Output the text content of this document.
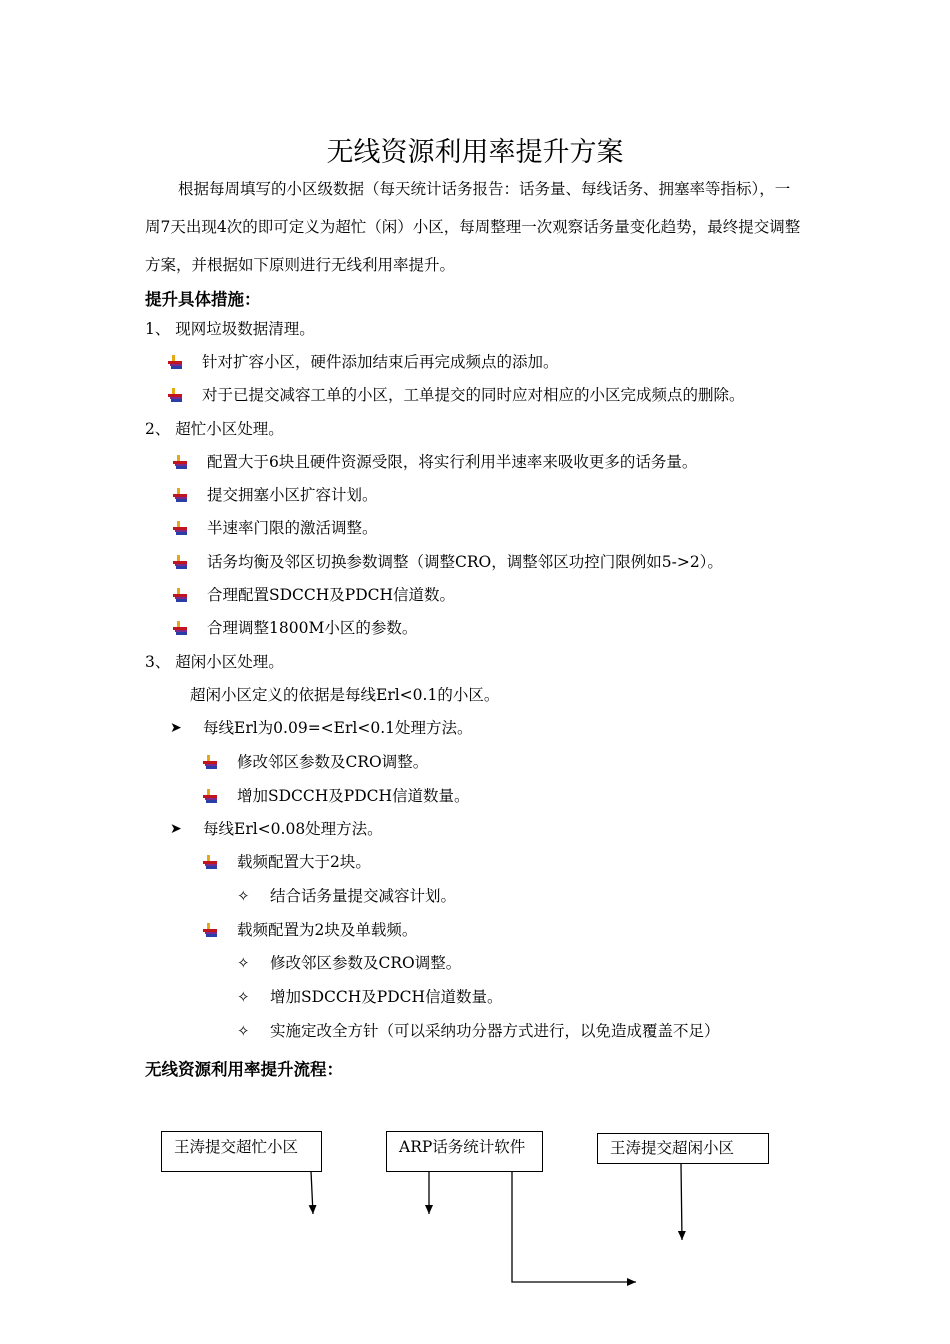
无线资源利用率提升方案
根据每周填写的小区级数据（每天统计话务报告：话务量、每线话务、拥塞率等指标），一周7天出现4次的即可定义为超忙（闲）小区，每周整理一次观察话务量变化趋势，最终提交调整方案，并根据如下原则进行无线利用率提升。
提升具体措施：
1、 现网垃圾数据清理。
针对扩容小区，硬件添加结束后再完成频点的添加。
对于已提交减容工单的小区，工单提交的同时应对相应的小区完成频点的删除。
2、 超忙小区处理。
配置大于6块且硬件资源受限，将实行利用半速率来吸收更多的话务量。
提交拥塞小区扩容计划。
半速率门限的激活调整。
话务均衡及邻区切换参数调整（调整CRO，调整邻区功控门限例如5->2）。
合理配置SDCCH及PDCH信道数。
合理调整1800M小区的参数。
3、 超闲小区处理。
超闲小区定义的依据是每线Erl<0.1的小区。
➤ 每线Erl为0.09=<Erl<0.1处理方法。
修改邻区参数及CRO调整。
增加SDCCH及PDCH信道数量。
➤ 每线Erl<0.08处理方法。
载频配置大于2块。
✧ 结合话务量提交减容计划。
载频配置为2块及单载频。
✧ 修改邻区参数及CRO调整。
✧ 增加SDCCH及PDCH信道数量。
✧ 实施定改全方针（可以采纳功分器方式进行，以免造成覆盖不足）
无线资源利用率提升流程：
王涛提交超忙小区	ARP话务统计软件	王涛提交超闲小区
